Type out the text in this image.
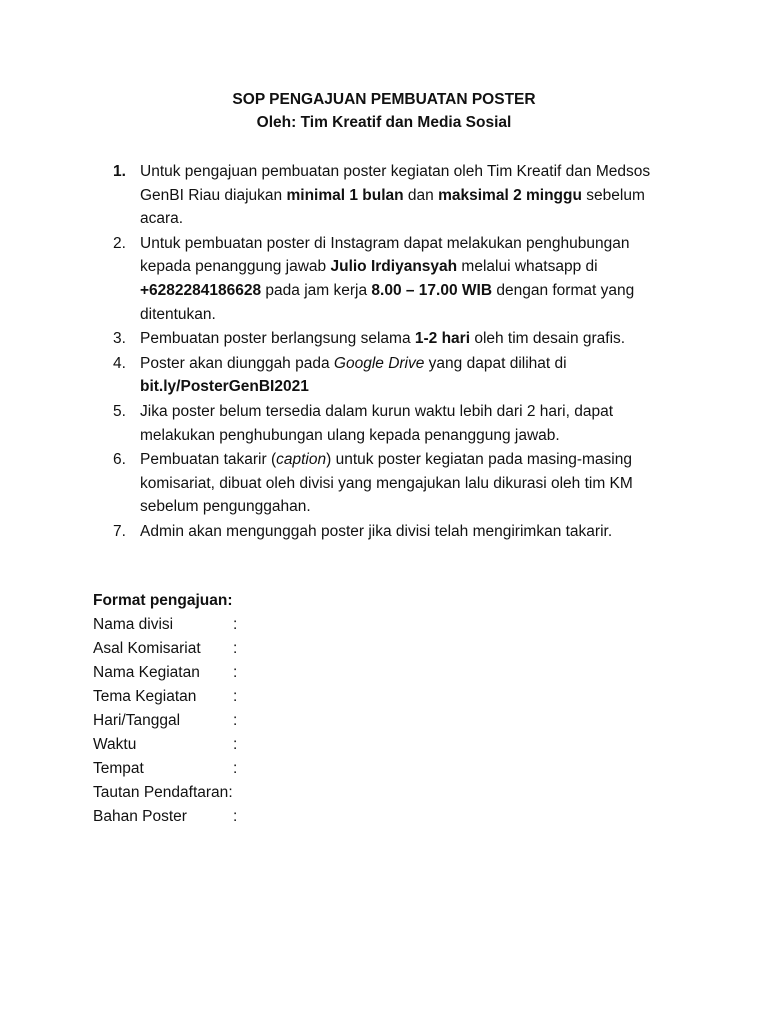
SOP PENGAJUAN PEMBUATAN POSTER

Oleh: Tim Kreatif dan Media Sosial

1. Untuk pengajuan pembuatan poster kegiatan oleh Tim Kreatif dan Medsos GenBI Riau diajukan minimal 1 bulan dan maksimal 2 minggu sebelum acara.
2. Untuk pembuatan poster di Instagram dapat melakukan penghubungan kepada penanggung jawab Julio Irdiyansyah melalui whatsapp di +6282284186628 pada jam kerja 8.00 – 17.00 WIB dengan format yang ditentukan.
3. Pembuatan poster berlangsung selama 1-2 hari oleh tim desain grafis.
4. Poster akan diunggah pada Google Drive yang dapat dilihat di bit.ly/PosterGenBI2021
5. Jika poster belum tersedia dalam kurun waktu lebih dari 2 hari, dapat melakukan penghubungan ulang kepada penanggung jawab.
6. Pembuatan takarir (caption) untuk poster kegiatan pada masing-masing komisariat, dibuat oleh divisi yang mengajukan lalu dikurasi oleh tim KM sebelum pengunggahan.
7. Admin akan mengunggah poster jika divisi telah mengirimkan takarir.
Format pengajuan:
Nama divisi	:
Asal Komisariat	:
Nama Kegiatan	:
Tema Kegiatan	:
Hari/Tanggal	:
Waktu	:
Tempat	:
Tautan Pendaftaran :
Bahan Poster	:
